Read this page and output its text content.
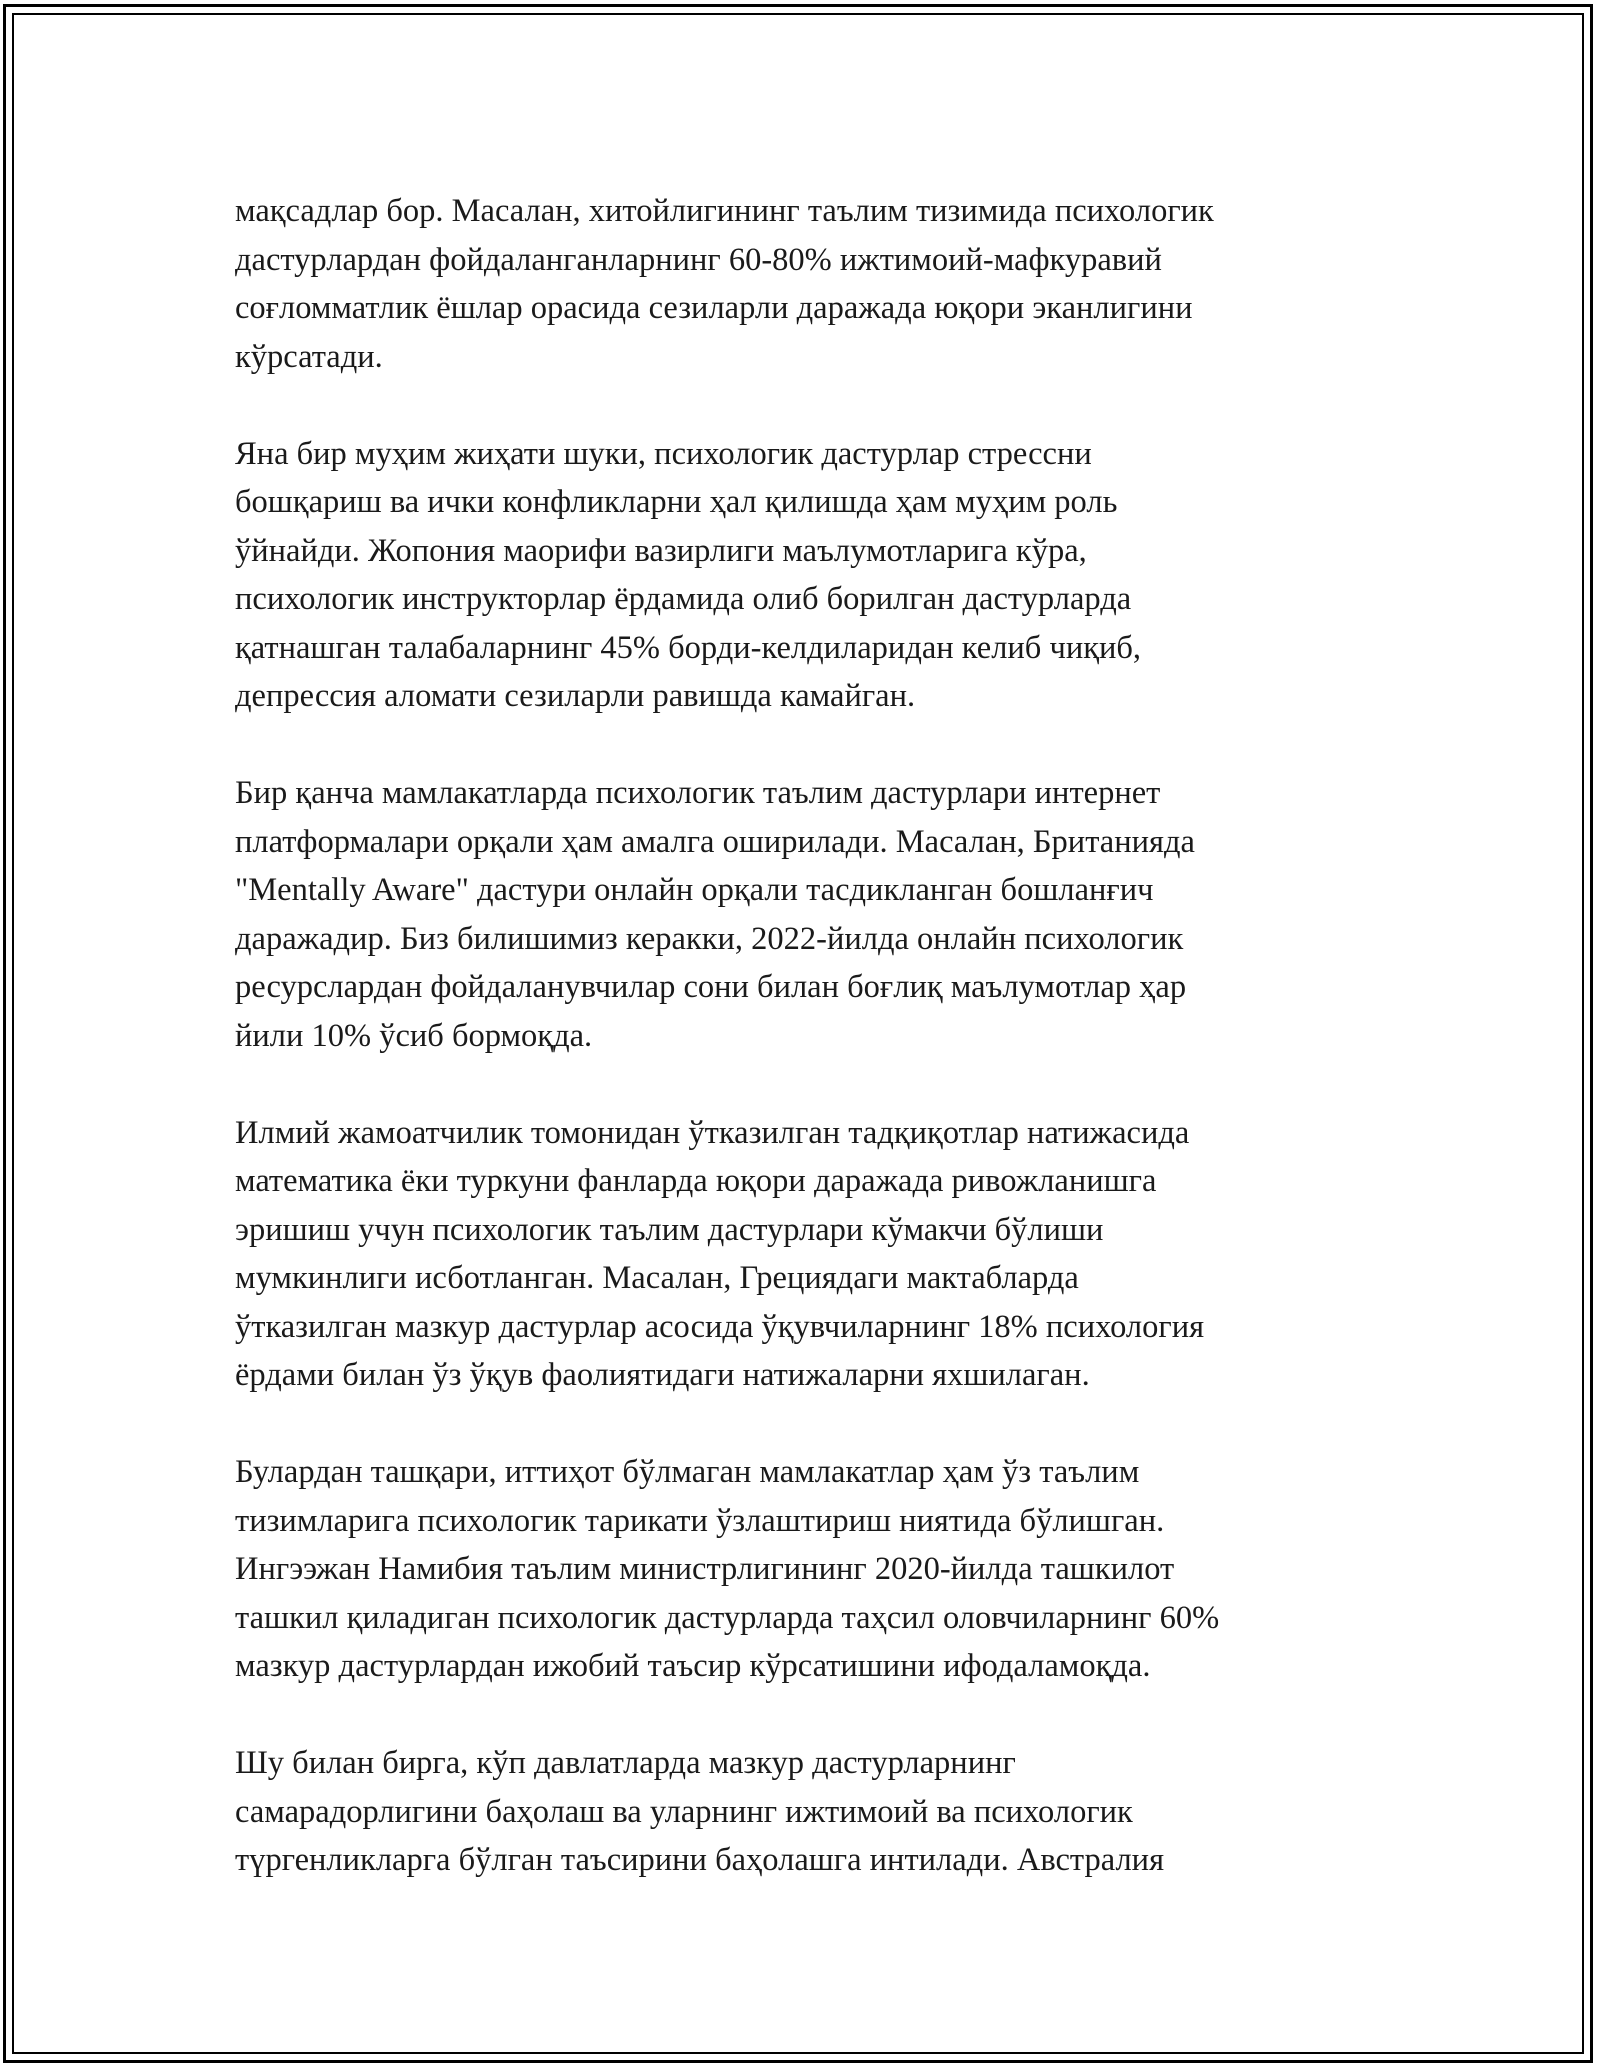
мақсадлар бор. Масалан, хитойлигининг таълим тизимида психологик
дастурлардан фойдаланганларнинг 60-80% ижтимоий-мафкуравий
соғломматлик ёшлар орасида сезиларли даражада юқори эканлигини
кўрсатади.

Яна бир муҳим жиҳати шуки, психологик дастурлар стрессни
бошқариш ва ички конфликларни ҳал қилишда ҳам муҳим роль
ўйнайди. Жопония маорифи вазирлиги маълумотларига кўра,
психологик инструкторлар ёрдамида олиб борилган дастурларда
қатнашган талабаларнинг 45% борди-келдиларидан келиб чиқиб,
депрессия аломати сезиларли равишда камайган.

Бир қанча мамлакатларда психологик таълим дастурлари интернет
платформалари орқали ҳам амалга оширилади. Масалан, Британияда
"Mentally Aware" дастури онлайн орқали тасдикланган бошланғич
даражадир. Биз билишимиз керакки, 2022-йилда онлайн психологик
ресурслардан фойдаланувчилар сони билан боғлиқ маълумотлар ҳар
йили 10% ўсиб бормоқда.

Илмий жамоатчилик томонидан ўтказилган тадқиқотлар натижасида
математика ёки туркуни фанларда юқори даражада ривожланишга
эришиш учун психологик таълим дастурлари кўмакчи бўлиши
мумкинлиги исботланган. Масалан, Грециядаги мактабларда
ўтказилган мазкур дастурлар асосида ўқувчиларнинг 18% психология
ёрдами билан ўз ўқув фаолиятидаги натижаларни яхшилаган.

Булардан ташқари, иттиҳот бўлмаган мамлакатлар ҳам ўз таълим
тизимларига психологик тарикати ўзлаштириш ниятида бўлишган.
Ингээжан Намибия таълим министрлигининг 2020-йилда ташкилот
ташкил қиладиган психологик дастурларда таҳсил оловчиларнинг 60%
мазкур дастурлардан ижобий таъсир кўрсатишини ифодаламоқда.

Шу билан бирга, кўп давлатларда мазкур дастурларнинг
самарадорлигини баҳолаш ва уларнинг ижтимоий ва психологик
түргенликларга бўлган таъсирини баҳолашга интилади. Австралия
